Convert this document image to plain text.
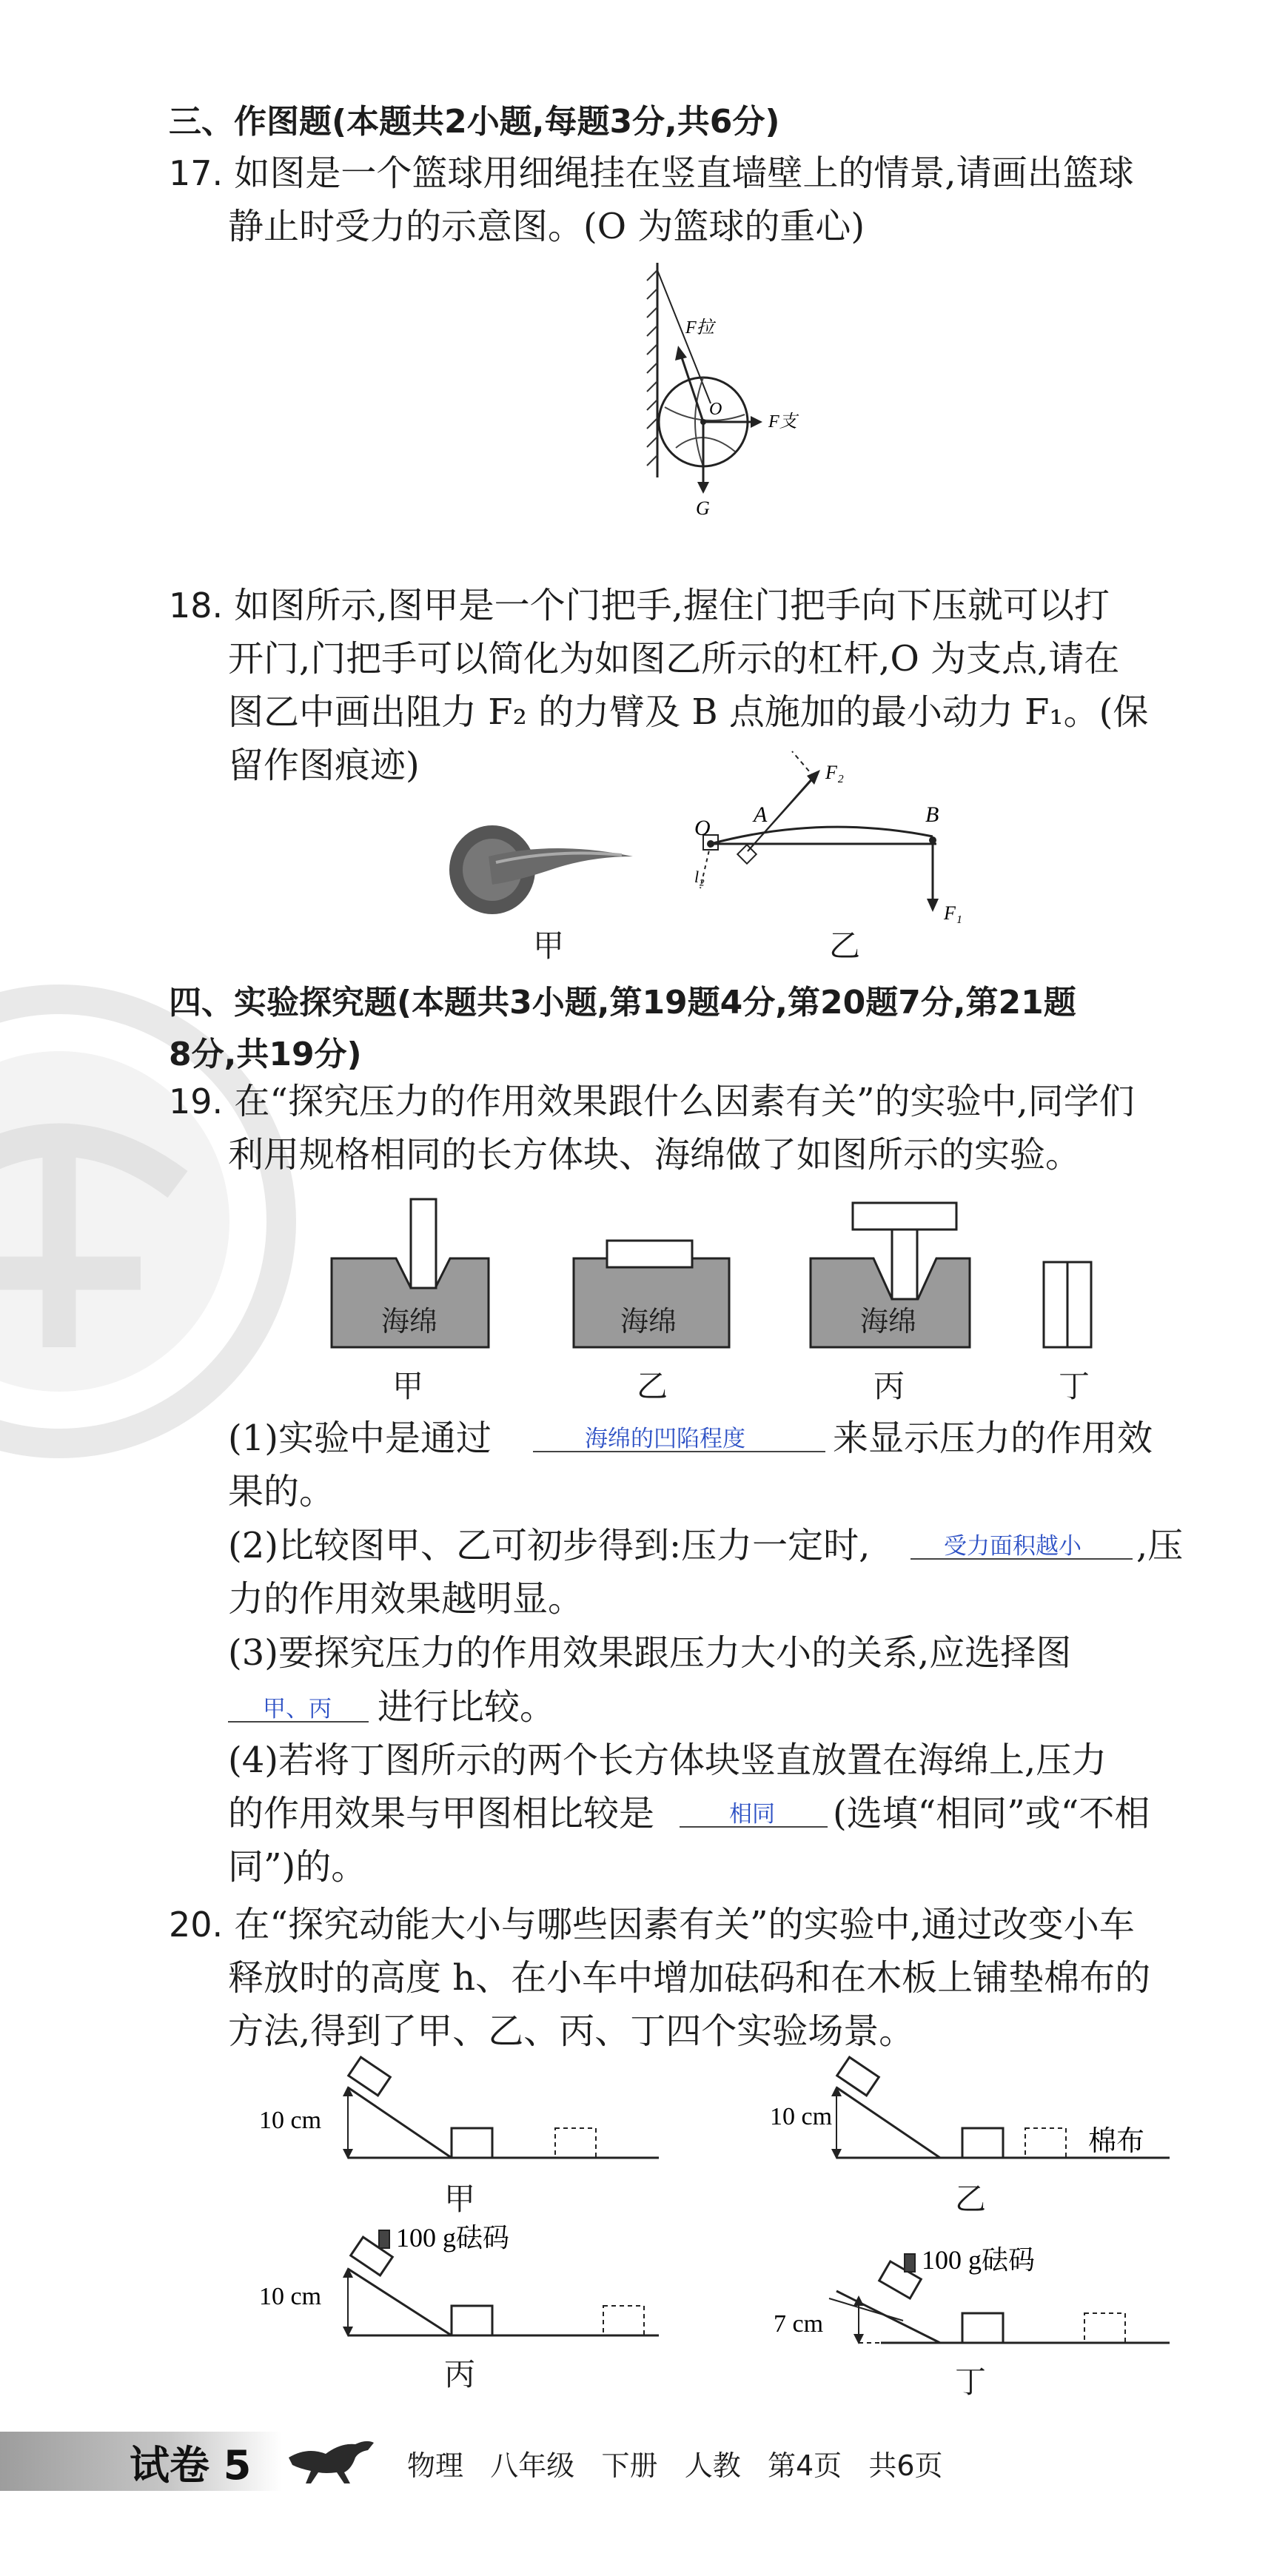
三、作图题(本题共2小题,每题3分,共6分)
17. 如图是一个篮球用细绳挂在竖直墙壁上的情景,请画出篮球
静止时受力的示意图。(O 为篮球的重心)
F拉
O
F支
G
18. 如图所示,图甲是一个门把手,握住门把手向下压就可以打
开门,门把手可以简化为如图乙所示的杠杆,O 为支点,请在
图乙中画出阻力 F₂ 的力臂及 B 点施加的最小动力 F₁。(保
留作图痕迹)
甲
O
A	B
F₂
F₁
l₂
乙
四、实验探究题(本题共3小题,第19题4分,第20题7分,第21题
8分,共19分)
19. 在“探究压力的作用效果跟什么因素有关”的实验中,同学们
利用规格相同的长方体块、海绵做了如图所示的实验。
海绵	海绵	海绵
甲	乙	丙	丁
(1)实验中是通过	海绵的凹陷程度 来显示压力的作用效
果的。
(2)比较图甲、乙可初步得到:压力一定时,	受力面积越小 ,压
力的作用效果越明显。
(3)要探究压力的作用效果跟压力大小的关系,应选择图
甲、丙 进行比较。
(4)若将丁图所示的两个长方体块竖直放置在海绵上,压力
的作用效果与甲图相比较是	相同 (选填“相同”或“不相
同”)的。
20. 在“探究动能大小与哪些因素有关”的实验中,通过改变小车
释放时的高度 h、在小车中增加砝码和在木板上铺垫棉布的
方法,得到了甲、乙、丙、丁四个实验场景。
10 cm
甲
10 cm
棉布
乙
10 cm
100 g砝码
丙
7 cm
100 g砝码
丁
试卷 5	物理   八年级   下册   人教   第4页   共6页
